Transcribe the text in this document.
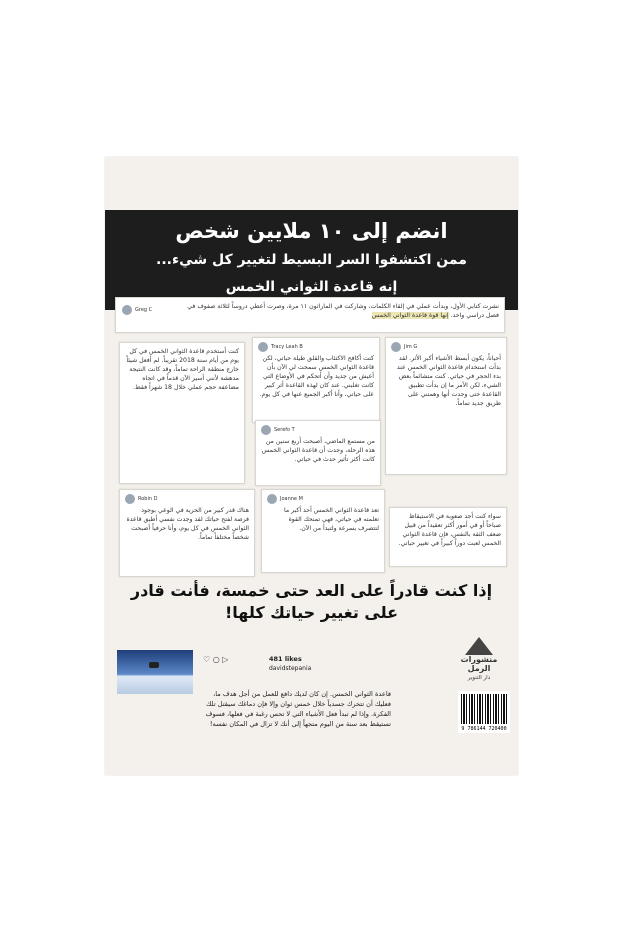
انضم إلى ١٠ ملايين شخص
ممن اكتشفوا السر البسيط لتغيير كل شيء...
إنه قاعدة الثواني الخمس
Greg C	نشرت كتابي الأول، وبدأت عملي في إلقاء الكلمات، وشاركت في الماراثون ١١ مرة، وصرت أعطي دروساً لثلاثة صفوف في فصل دراسي واحد. إنها قوة قاعدة الثواني الخمس
كنت أستخدم قاعدة الثواني الخمس في كل يوم من أيام سنة 2018 تقريباً. لم أفعل شيئاً خارج منطقة الراحة تماماً، وقد كانت النتيجة مدهشة لأنني أسير الآن قدماً في اتجاه مضاعفة حجم عملي خلال 18 شهراً فقط.
Tracy Leah B
كنت أكافح الاكتئاب والقلق طيلة حياتي، لكن قاعدة الثواني الخمس سمحت لي الآن بأن أعيش من جديد وأن أتحكم في الأوضاع التي كانت تغلبني. عند كان لهذه القاعدة أثر كبير على حياتي، وأنا أكبر الجميع عنها في كل يوم.
Jim G
أحياناً، يكون أبسط الأشياء أكبر الأثر. لقد بدأت استخدام قاعدة الثواني الخمس عند بدء الحجر في حياتي. كنت متشائماً بعض الشيء، لكن الأمر ما إن بدأت تطبيق القاعدة حتى وجدت أنها وهمتني على طريق جديد تماماً.
Serefo T
من مستمع الماضي، أصبحت أربع سنين من هذه الرحلة، وجدت أن قاعدة الثواني الخمس كانت أكثر تأثير حدث في حياتي.
Robin D
هناك قدر كبير من الحرية في الوعي بوجود فرصة لفتح حياتك لقد وجدت نفسي أطبق قاعدة الثواني الخمس في كل يوم، وأنا حرفياً أصبحت شخصاً مختلفاً تماماً.
Joanne M
تعد قاعدة الثواني الخمس أحد أكبر ما تعلمته في حياتي، فهي تمنحك القوة لتتصرف بسرعة ولتبدأ من الآن.
سواء كنت أجد صعوبة في الاستيقاظ صباحاً أو في أمور أكثر تعقيداً من قبيل ضعف الثقة بالنفس، فإن قاعدة الثواني الخمس لعبت دوراً كبيراً في تغيير حياتي.
إذا كنت قادراً على العد حتى خمسة، فأنت قادر
على تغيير حياتك كلها!
♡ ○ ▷	481 likes
davidstepania
قاعدة الثواني الخمس. إن كان لديك دافع للعمل من أجل هدف ما، فعليك أن تتحرك جسدياً خلال خمس ثوان وإلا فإن دماغك سيقتل تلك الفكرة. وإذا لم تبدأ فعل الأشياء التي لا تحس رغبة في فعلها، فسوف تستيقظ بعد سنة من اليوم متجهاً إلى أنك لا تزال في المكان نفسه!
منشورات الرمل
دار التنوير
9 786144 720400
